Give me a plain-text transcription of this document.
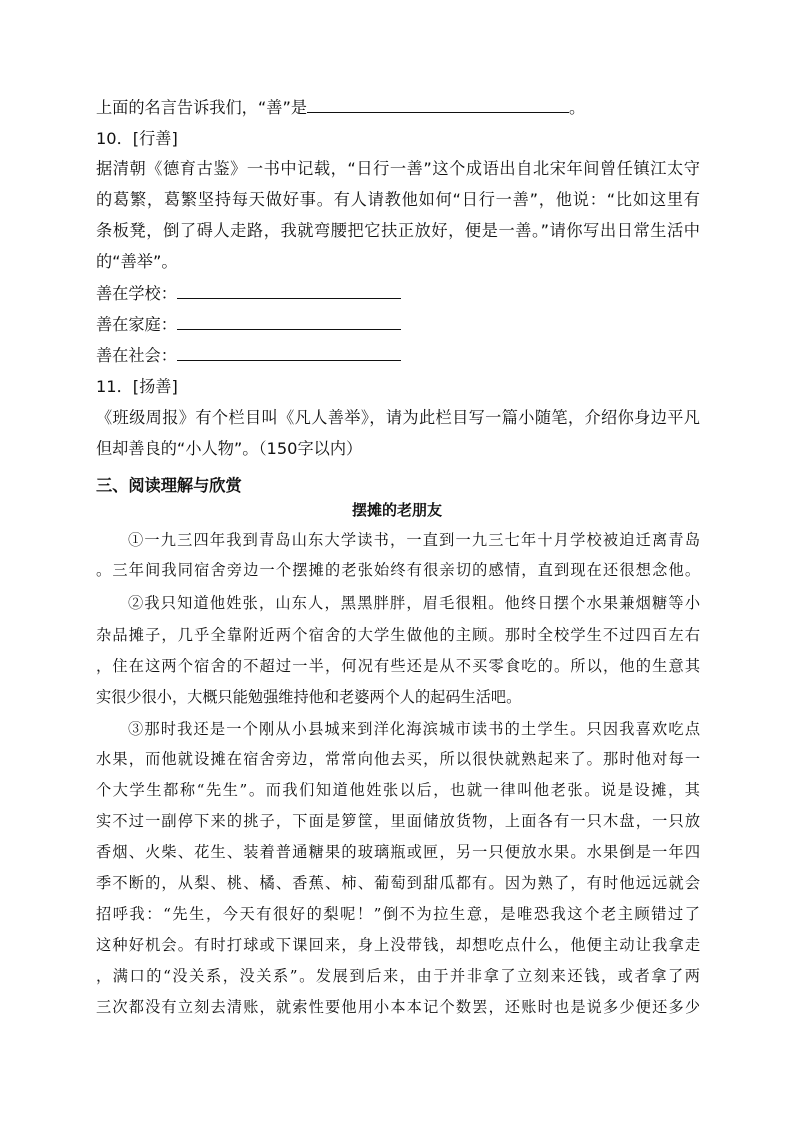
上面的名言告诉我们，“善”是	。
10．[行善]
据清朝《德育古鉴》一书中记载，“日行一善”这个成语出自北宋年间曾任镇江太守
的葛繁，葛繁坚持每天做好事。有人请教他如何“日行一善”，他说：“比如这里有
条板凳，倒了碍人走路，我就弯腰把它扶正放好，便是一善。”请你写出日常生活中
的“善举”。
善在学校：
善在家庭：
善在社会：
11．[扬善]
《班级周报》有个栏目叫《凡人善举》，请为此栏目写一篇小随笔，介绍你身边平凡
但却善良的“小人物”。（150字以内）
三、阅读理解与欣赏
摆摊的老朋友
①一九三四年我到青岛山东大学读书，一直到一九三七年十月学校被迫迁离青岛
。三年间我同宿舍旁边一个摆摊的老张始终有很亲切的感情，直到现在还很想念他。
②我只知道他姓张，山东人，黑黑胖胖，眉毛很粗。他终日摆个水果兼烟糖等小
杂品摊子，几乎全靠附近两个宿舍的大学生做他的主顾。那时全校学生不过四百左右
，住在这两个宿舍的不超过一半，何况有些还是从不买零食吃的。所以，他的生意其
实很少很小，大概只能勉强维持他和老婆两个人的起码生活吧。
③那时我还是一个刚从小县城来到洋化海滨城市读书的土学生。只因我喜欢吃点
水果，而他就设摊在宿舍旁边，常常向他去买，所以很快就熟起来了。那时他对每一
个大学生都称“先生”。而我们知道他姓张以后，也就一律叫他老张。说是设摊，其
实不过一副停下来的挑子，下面是箩筐，里面储放货物，上面各有一只木盘，一只放
香烟、火柴、花生、装着普通糖果的玻璃瓶或匣，另一只便放水果。水果倒是一年四
季不断的，从梨、桃、橘、香蕉、柿、葡萄到甜瓜都有。因为熟了，有时他远远就会
招呼我：“先生，今天有很好的梨呢！”倒不为拉生意，是唯恐我这个老主顾错过了
这种好机会。有时打球或下课回来，身上没带钱，却想吃点什么，他便主动让我拿走
，满口的“没关系，没关系”。发展到后来，由于并非拿了立刻来还钱，或者拿了两
三次都没有立刻去清账，就索性要他用小本本记个数罢，还账时也是说多少便还多少
